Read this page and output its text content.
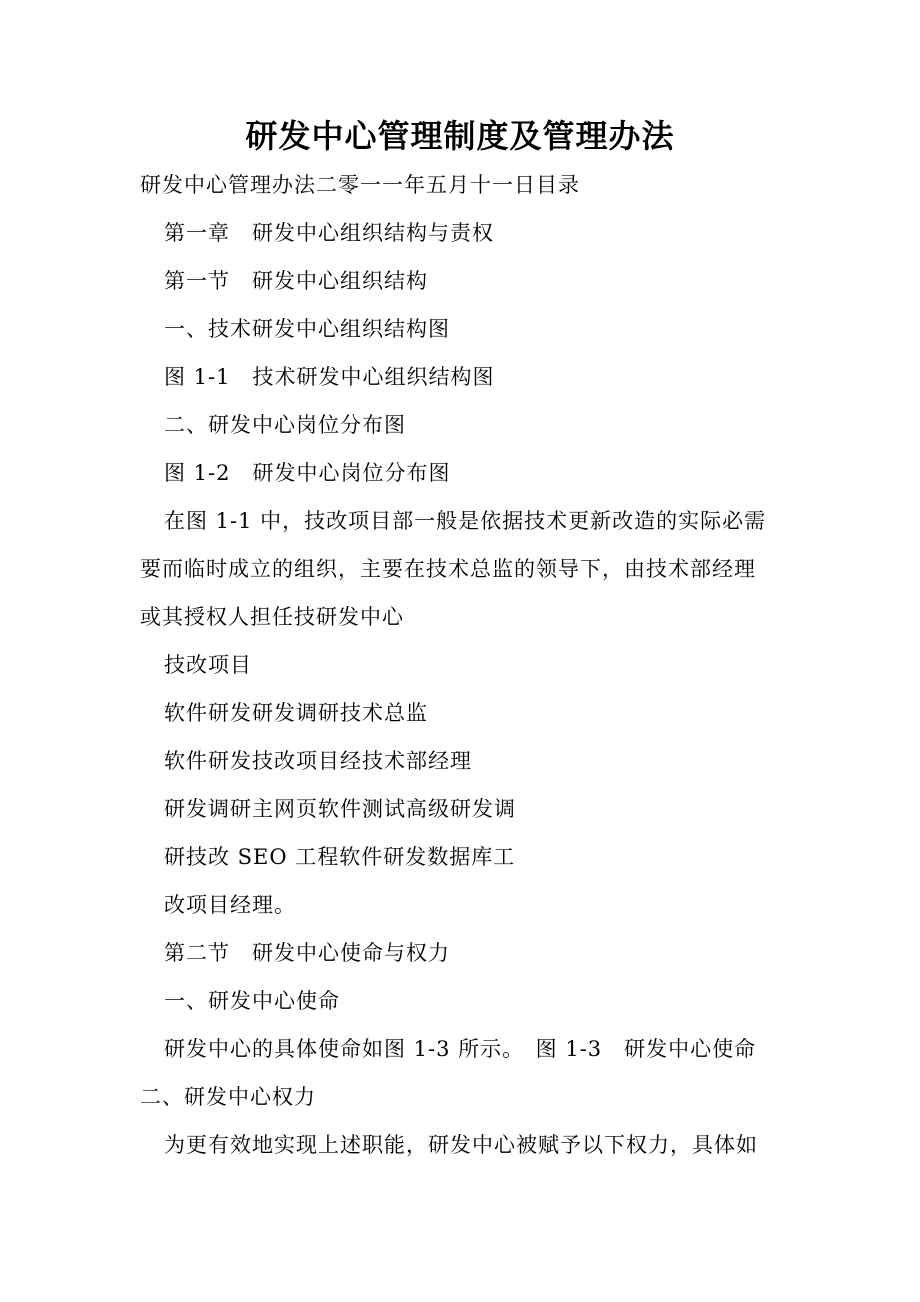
研发中心管理制度及管理办法
研发中心管理办法二零一一年五月十一日目录
第一章　研发中心组织结构与责权
第一节　研发中心组织结构
一、技术研发中心组织结构图
图 1-1　技术研发中心组织结构图
二、研发中心岗位分布图
图 1-2　研发中心岗位分布图
在图 1-1 中，技改项目部一般是依据技术更新改造的实际必需
要而临时成立的组织，主要在技术总监的领导下，由技术部经理
或其授权人担任技研发中心
技改项目
软件研发研发调研技术总监
软件研发技改项目经技术部经理
研发调研主网页软件测试高级研发调
研技改 SEO 工程软件研发数据库工
改项目经理。
第二节　研发中心使命与权力
一、研发中心使命
研发中心的具体使命如图 1-3 所示。　图 1-3　研发中心使命
二、研发中心权力
为更有效地实现上述职能，研发中心被赋予以下权力，具体如
